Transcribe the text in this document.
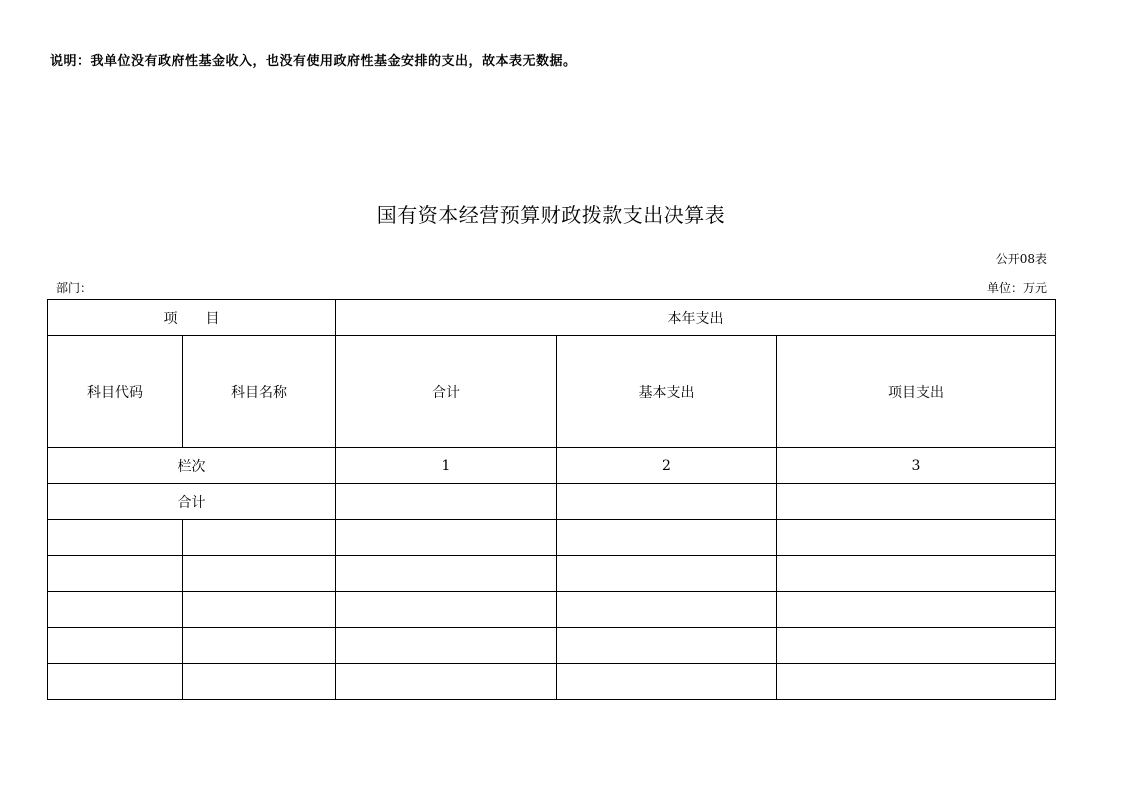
说明：我单位没有政府性基金收入，也没有使用政府性基金安排的支出，故本表无数据。
国有资本经营预算财政拨款支出决算表
公开08表
部门：	单位：万元
项目		本年支出		
科目代码	科目名称	合计	基本支出	项目支出
栏次		1	2	3
合计				
